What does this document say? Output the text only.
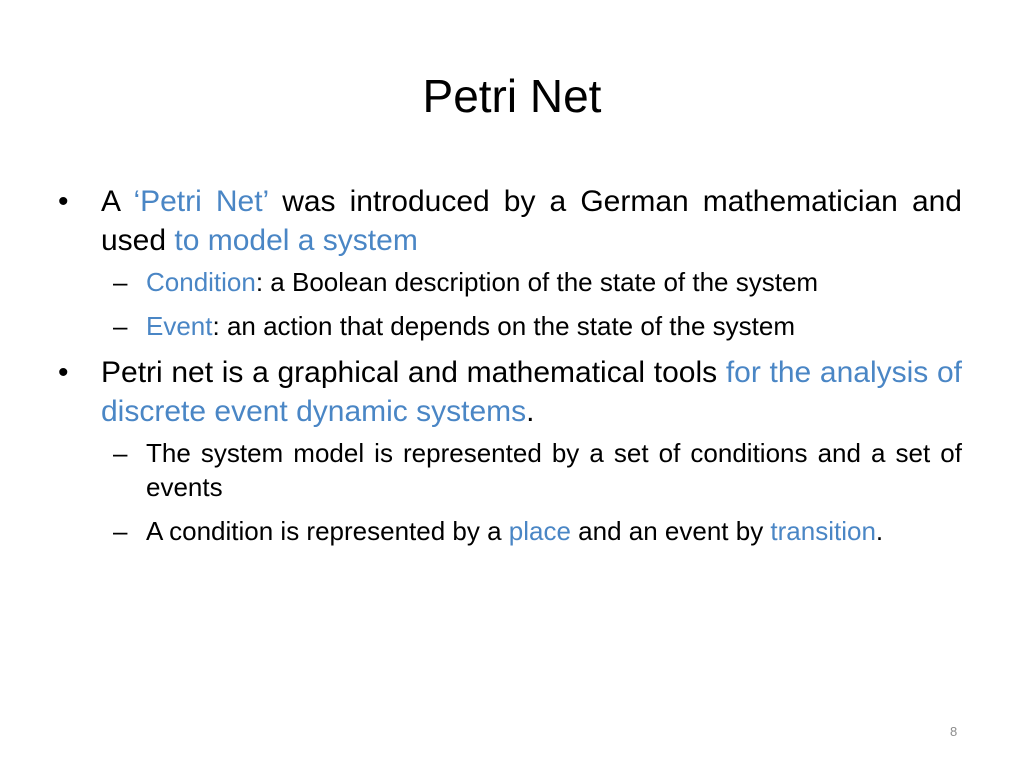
Petri Net
• A ‘Petri Net’ was introduced by a German mathematician and used to model a system
– Condition: a Boolean description of the state of the system
– Event: an action that depends on the state of the system
• Petri net is a graphical and mathematical tools for the analysis of discrete event dynamic systems.
– The system model is represented by a set of conditions and a set of events
– A condition is represented by a place and an event by transition.
8
